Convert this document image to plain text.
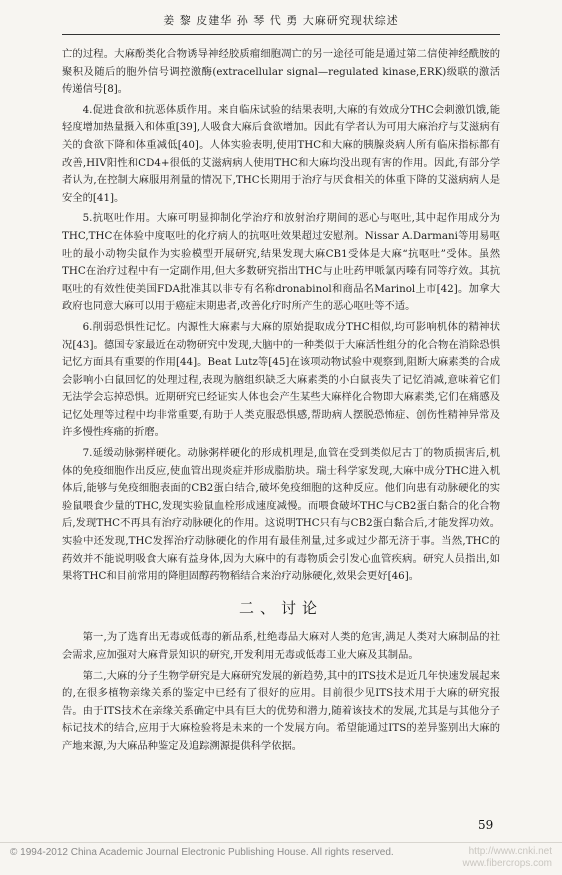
姜 黎 皮建华 孙 琴 代 勇 大麻研究现状综述

亡的过程。大麻酚类化合物诱导神经胶质瘤细胞凋亡的另一途径可能是通过第二信使神经酰胺的聚积及随后的胞外信号调控激酶(extracellular signal—regulated kinase,ERK)级联的激活传递信号[8]。

4.促进食欲和抗恶体质作用。来自临床试验的结果表明,大麻的有效成分THC会刺激饥饿,能轻度增加热量摄入和体重[39],人吸食大麻后食欲增加。因此有学者认为可用大麻治疗与艾滋病有关的食欲下降和体重减低[40]。人体实验表明,使用THC和大麻的胰腺炎病人所有临床指标都有改善,HIV阳性和CD4+很低的艾滋病病人使用THC和大麻均没出现有害的作用。因此,有部分学者认为,在控制大麻服用剂量的情况下,THC长期用于治疗与厌食相关的体重下降的艾滋病病人是安全的[41]。

5.抗呕吐作用。大麻可明显抑制化学治疗和放射治疗期间的恶心与呕吐,其中起作用成分为THC,THC在体验中度呕吐的化疗病人的抗呕吐效果超过安慰剂。Nissar A.Darmani等用易呕吐的最小动物尖鼠作为实验模型开展研究,结果发现大麻CB1受体是大麻“抗呕吐”受体。虽然THC在治疗过程中有一定副作用,但大多数研究指出THC与止吐药甲哌氯丙嗪有同等疗效。其抗呕吐的有效性使美国FDA批准其以非专有名称dronabinol和商品名Marinol上市[42]。加拿大政府也同意大麻可以用于癌症末期患者,改善化疗时所产生的恶心呕吐等不适。

6.削弱恐惧性记忆。内源性大麻素与大麻的原始提取成分THC相似,均可影响机体的精神状况[43]。德国专家最近在动物研究中发现,大脑中的一种类似于大麻活性组分的化合物在消除恐惧记忆方面具有重要的作用[44]。Beat Lutz等[45]在该项动物试验中观察到,阻断大麻素类的合成会影响小白鼠回忆的处理过程,表现为脑组织缺乏大麻素类的小白鼠丧失了记忆消减,意味着它们无法学会忘掉恐惧。近期研究已经证实人体也会产生某些大麻样化合物即大麻素类,它们在痛感及记忆处理等过程中均非常重要,有助于人类克服恐惧感,帮助病人摆脱恐怖症、创伤性精神异常及许多慢性疼痛的折磨。

7.延缓动脉粥样硬化。动脉粥样硬化的形成机理是,血管在受到类似尼古丁的物质损害后,机体的免疫细胞作出反应,使血管出现炎症并形成脂肪块。瑞士科学家发现,大麻中成分THC进入机体后,能够与免疫细胞表面的CB2蛋白结合,破坏免疫细胞的这种反应。他们向患有动脉硬化的实验鼠喂食少量的THC,发现实验鼠血栓形成速度减慢。而喂食破坏THC与CB2蛋白黏合的化合物后,发现THC不再具有治疗动脉硬化的作用。这说明THC只有与CB2蛋白黏合后,才能发挥功效。实验中还发现,THC发挥治疗动脉硬化的作用有最佳剂量,过多或过少都无济于事。当然,THC的药效并不能说明吸食大麻有益身体,因为大麻中的有毒物质会引发心血管疾病。研究人员指出,如果将THC和目前常用的降胆固醇药物稻结合来治疗动脉硬化,效果会更好[46]。

二、讨论

第一,为了选育出无毒或低毒的新品系,杜绝毒品大麻对人类的危害,满足人类对大麻制品的社会需求,应加强对大麻背景知识的研究,开发利用无毒或低毒工业大麻及其制品。

第二,大麻的分子生物学研究是大麻研究发展的新趋势,其中的ITS技术是近几年快速发展起来的,在很多植物亲缘关系的鉴定中已经有了很好的应用。目前很少见ITS技术用于大麻的研究报告。由于ITS技术在亲缘关系确定中具有巨大的优势和潜力,随着该技术的发展,尤其是与其他分子标记技术的结合,应用于大麻检验将是未来的一个发展方向。希望能通过ITS的差异鉴别出大麻的产地来源,为大麻品种鉴定及追踪溯源提供科学依据。

59
© 1994-2012 China Academic Journal Electronic Publishing House. All rights reserved.	http://www.cnki.net
www.fibercrops.com
